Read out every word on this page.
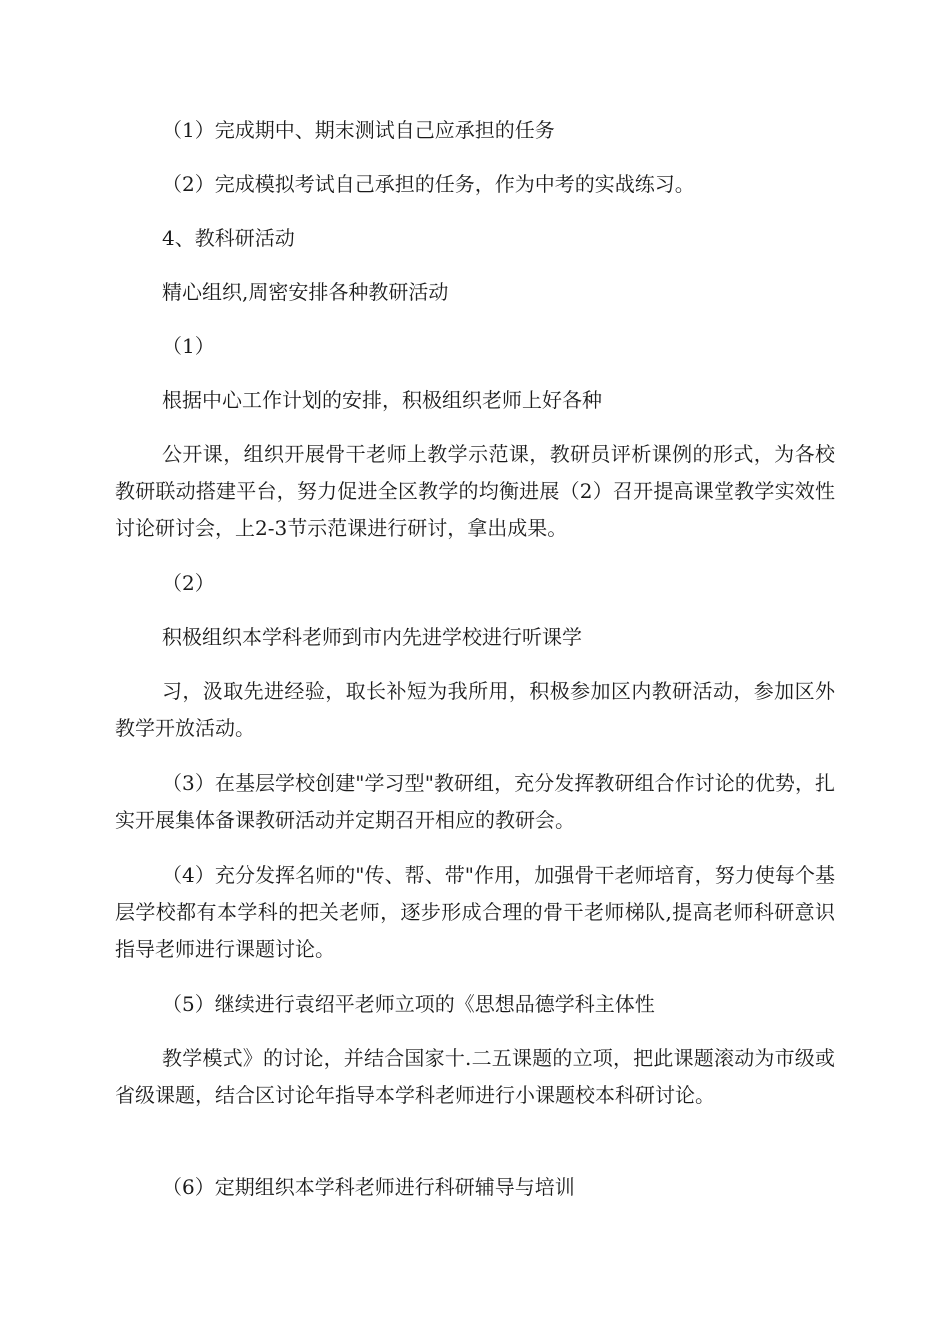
（1）完成期中、期末测试自己应承担的任务

（2）完成模拟考试自己承担的任务，作为中考的实战练习。

4、教科研活动

精心组织,周密安排各种教研活动

（1）

根据中心工作计划的安排，积极组织老师上好各种

公开课，组织开展骨干老师上教学示范课，教研员评析课例的形式，为各校教研联动搭建平台，努力促进全区教学的均衡进展（2）召开提高课堂教学实效性讨论研讨会，上2-3节示范课进行研讨，拿出成果。

（2）

积极组织本学科老师到市内先进学校进行听课学

习，汲取先进经验，取长补短为我所用，积极参加区内教研活动，参加区外教学开放活动。

（3）在基层学校创建"学习型"教研组，充分发挥教研组合作讨论的优势，扎实开展集体备课教研活动并定期召开相应的教研会。

（4）充分发挥名师的"传、帮、带"作用，加强骨干老师培育，努力使每个基层学校都有本学科的把关老师，逐步形成合理的骨干老师梯队,提高老师科研意识指导老师进行课题讨论。

（5）继续进行袁绍平老师立项的《思想品德学科主体性

教学模式》的讨论，并结合国家十.二五课题的立项，把此课题滚动为市级或省级课题，结合区讨论年指导本学科老师进行小课题校本科研讨论。

（6）定期组织本学科老师进行科研辅导与培训
